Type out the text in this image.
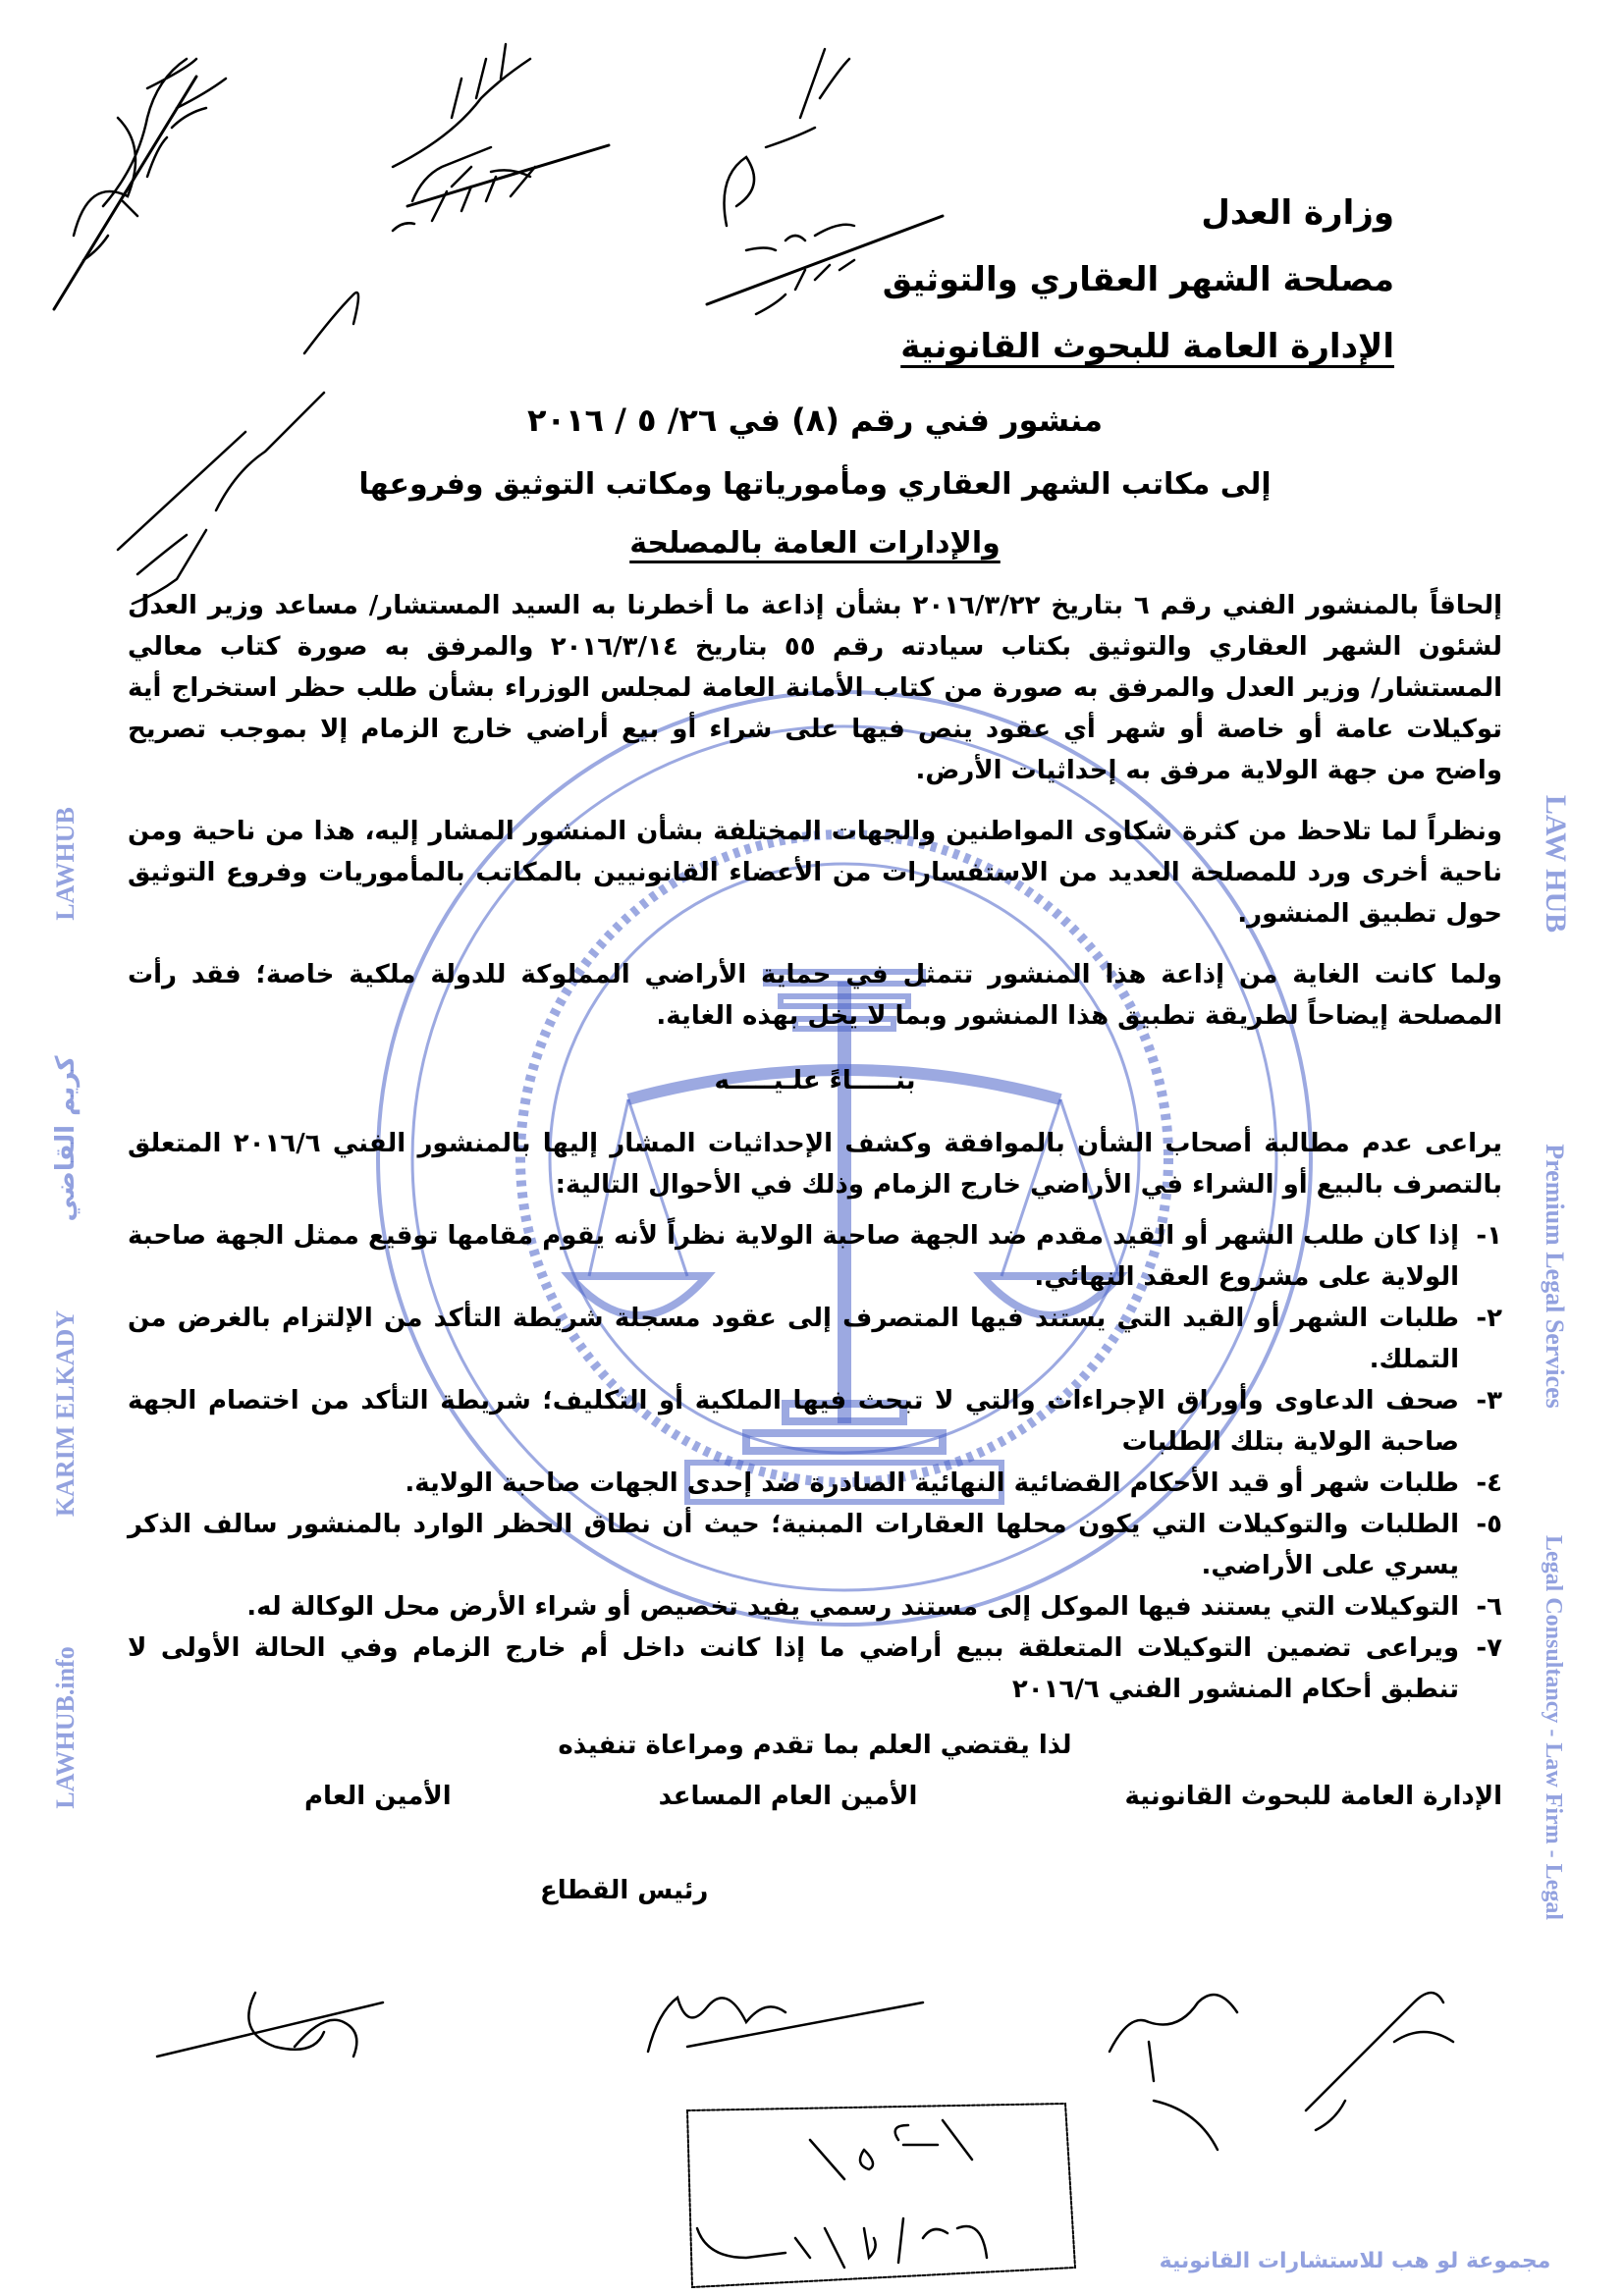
وزارة العدل
مصلحة الشهر العقاري والتوثيق
الإدارة العامة للبحوث القانونية
منشور فني رقم (٨) في ٢٦/ ٥ / ٢٠١٦
إلى مكاتب الشهر العقاري ومأمورياتها ومكاتب التوثيق وفروعها
والإدارات العامة بالمصلحة
إلحاقاً بالمنشور الفني رقم ٦ بتاريخ ٢٠١٦/٣/٢٢ بشأن إذاعة ما أخطرنا به السيد المستشار/ مساعد وزير العدل لشئون الشهر العقاري والتوثيق بكتاب سيادته رقم ٥٥ بتاريخ ٢٠١٦/٣/١٤ والمرفق به صورة كتاب معالي المستشار/ وزير العدل والمرفق به صورة من كتاب الأمانة العامة لمجلس الوزراء بشأن طلب حظر استخراج أية توكيلات عامة أو خاصة أو شهر أي عقود ينص فيها على شراء أو بيع أراضي خارج الزمام إلا بموجب تصريح واضح من جهة الولاية مرفق به إحداثيات الأرض.
ونظراً لما تلاحظ من كثرة شكاوى المواطنين والجهات المختلفة بشأن المنشور المشار إليه، هذا من ناحية ومن ناحية أخرى ورد للمصلحة العديد من الاستفسارات من الأعضاء القانونيين بالمكاتب بالمأموريات وفروع التوثيق حول تطبيق المنشور.
ولما كانت الغاية من إذاعة هذا المنشور تتمثل في حماية الأراضي المملوكة للدولة ملكية خاصة؛ فقد رأت المصلحة إيضاحاً لطريقة تطبيق هذا المنشور وبما لا يخل بهذه الغاية.
بنـــــاءً علـيـــــه
يراعى عدم مطالبة أصحاب الشأن بالموافقة وكشف الإحداثيات المشار إليها بالمنشور الفني ٢٠١٦/٦ المتعلق بالتصرف بالبيع أو الشراء في الأراضي خارج الزمام وذلك في الأحوال التالية:
١-
إذا كان طلب الشهر أو القيد مقدم ضد الجهة صاحبة الولاية نظراً لأنه يقوم مقامها توقيع ممثل الجهة صاحبة الولاية على مشروع العقد النهائي.
٢-
طلبات الشهر أو القيد التي يستند فيها المتصرف إلى عقود مسجلة شريطة التأكد من الإلتزام بالغرض من التملك.
٣-
صحف الدعاوى وأوراق الإجراءات والتي لا تبحث فيها الملكية أو التكليف؛ شريطة التأكد من اختصام الجهة صاحبة الولاية بتلك الطلبات
٤-
طلبات شهر أو قيد الأحكام القضائية النهائية الصادرة ضد إحدى الجهات صاحبة الولاية.
٥-
الطلبات والتوكيلات التي يكون محلها العقارات المبنية؛ حيث أن نطاق الحظر الوارد بالمنشور سالف الذكر يسري على الأراضي.
٦-
التوكيلات التي يستند فيها الموكل إلى مستند رسمي يفيد تخصيص أو شراء الأرض محل الوكالة له.
٧-
ويراعى تضمين التوكيلات المتعلقة ببيع أراضي ما إذا كانت داخل أم خارج الزمام وفي الحالة الأولى لا تنطبق أحكام المنشور الفني ٢٠١٦/٦
لذا يقتضي العلم بما تقدم ومراعاة تنفيذه
الإدارة العامة للبحوث القانونية
الأمين العام المساعد
الأمين العام
رئيس القطاع
LAW HUB
Premium Legal Services
Legal Consultancy - Law Firm - Legal
LAWHUB
كريم القاضي
KARIM ELKADY
LAWHUB.info
مجموعة لو هب للاستشارات القانونية
